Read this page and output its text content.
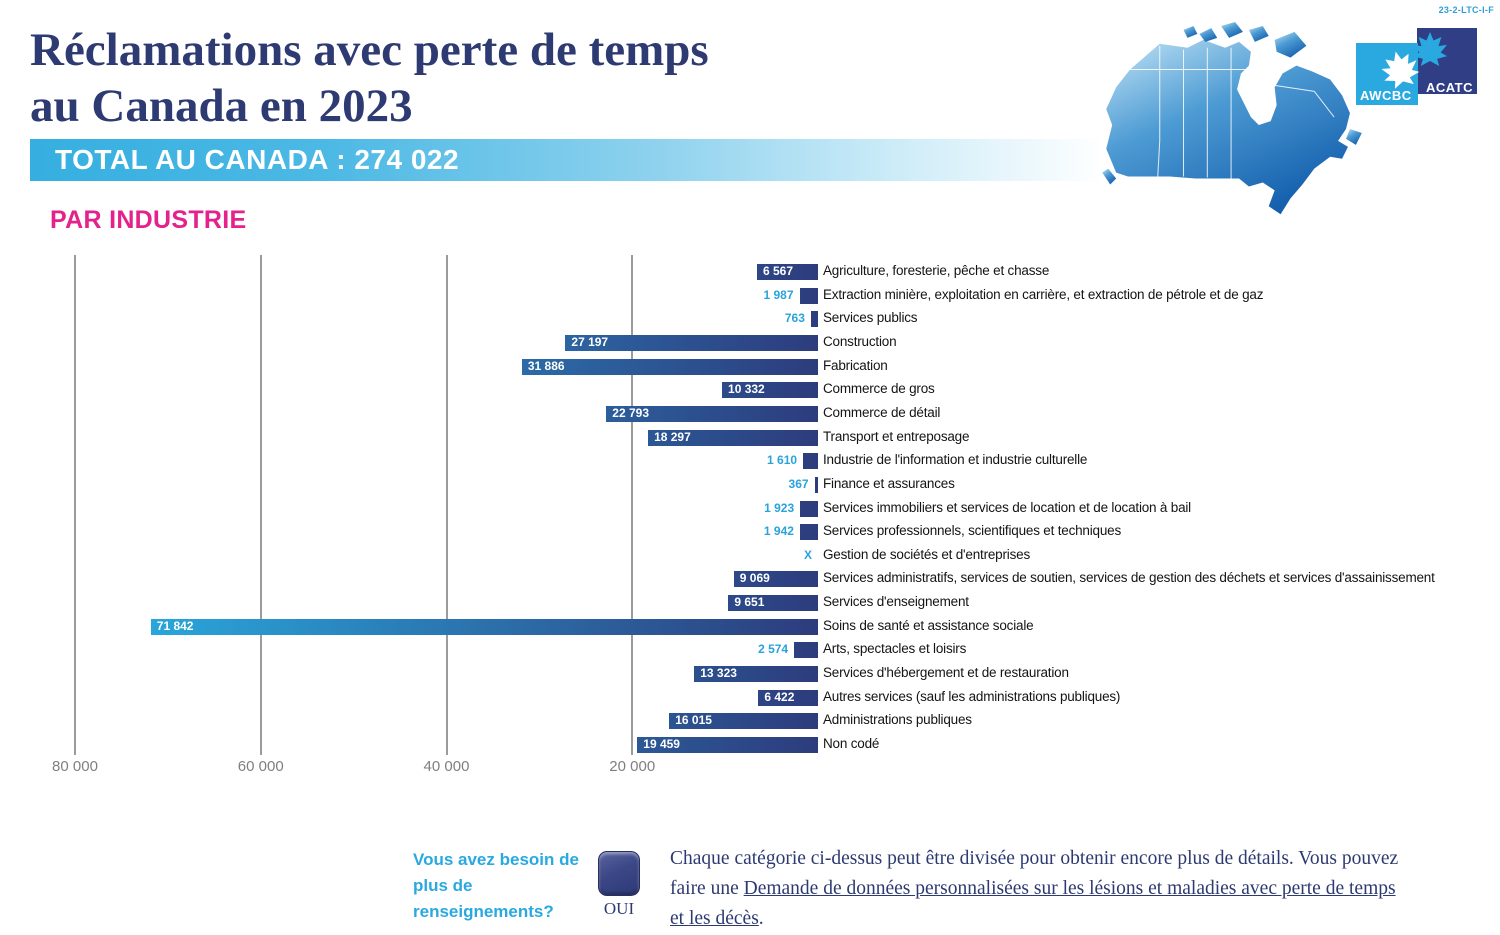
23-2-LTC-I-F
Réclamations avec perte de temps
au Canada en 2023
TOTAL AU CANADA : 274 022
PAR INDUSTRIE
ACATC
AWCBC
80 000	60 000	40 000	20 000
Agriculture, foresterie, pêche et chasse
6 567
Extraction minière, exploitation en carrière, et extraction de pétrole et de gaz
1 987
Services publics
763
Construction
27 197
Fabrication
31 886
Commerce de gros
10 332
Commerce de détail
22 793
Transport et entreposage
18 297
Industrie de l'information et industrie culturelle
1 610
Finance et assurances
367
Services immobiliers et services de location et de location à bail
1 923
Services professionnels, scientifiques et techniques
1 942
Gestion de sociétés et d'entreprises
X
Services administratifs, services de soutien, services de gestion des déchets et services d'assainissement
9 069
Services d'enseignement
9 651
Soins de santé et assistance sociale
71 842
Arts, spectacles et loisirs
2 574
Services d'hébergement et de restauration
13 323
Autres services (sauf les administrations publiques)
6 422
Administrations publiques
16 015
Non codé
19 459
Vous avez besoin de plus de renseignements?	OUI
Chaque catégorie ci-dessus peut être divisée pour obtenir encore plus de détails. Vous pouvez faire une Demande de données personnalisées sur les lésions et maladies avec perte de temps et les décès.
